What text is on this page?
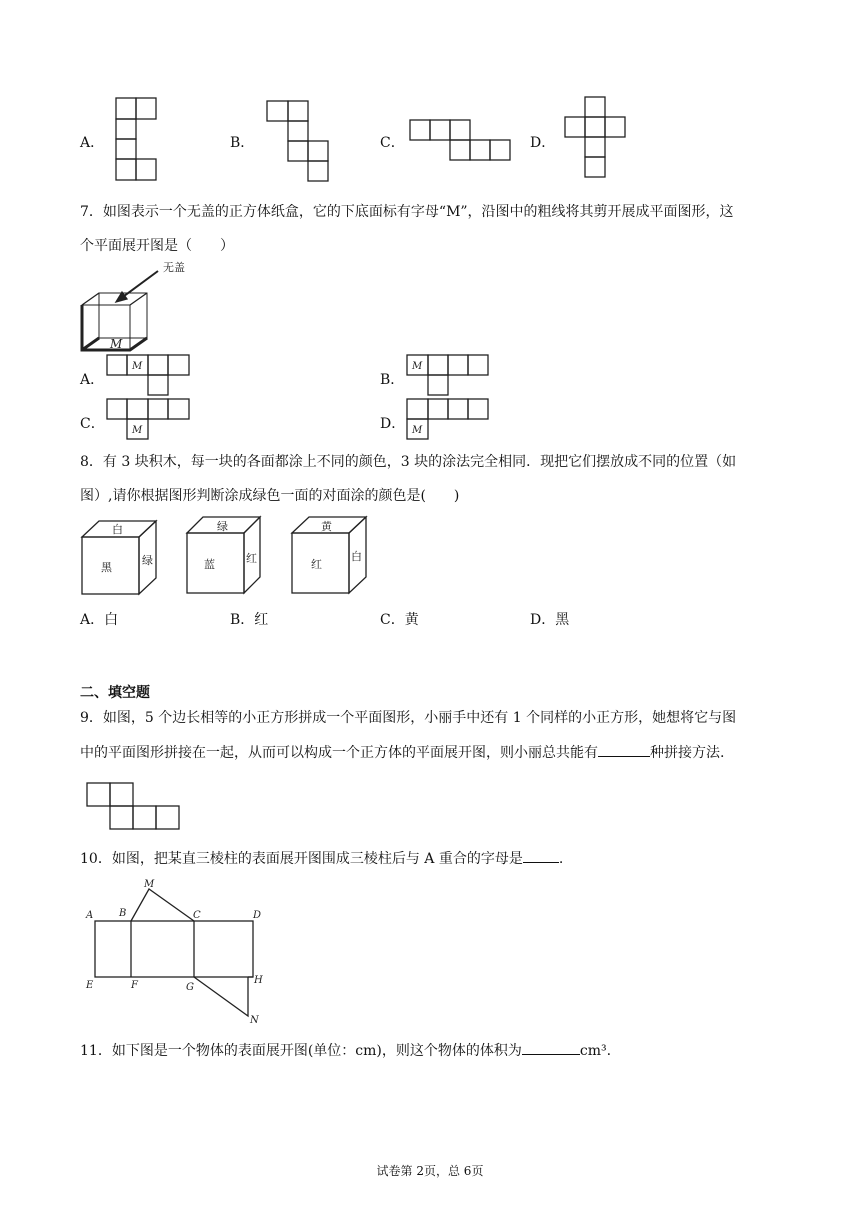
A．	B．	C．	D．
7．如图表示一个无盖的正方体纸盒，它的下底面标有字母“M”，沿图中的粗线将其剪开展成平面图形，这
个平面展开图是（　　）
无盖
M
A．
M
B．
M
C．	M	D． M
8．有 3 块积木，每一块的各面都涂上不同的颜色，3 块的涂法完全相同．现把它们摆放成不同的位置（如
图）,请你根据图形判断涂成绿色一面的对面涂的颜色是(　　)
白
黑
绿
绿
蓝	红
黄
红
白
A．白	B．红	C．黄	D．黑
二、填空题
9．如图，5 个边长相等的小正方形拼成一个平面图形，小丽手中还有 1 个同样的小正方形，她想将它与图
中的平面图形拼接在一起，从而可以构成一个正方体的平面展开图，则小丽总共能有	种拼接方法.
10．如图，把某直三棱柱的表面展开图围成三棱柱后与 A 重合的字母是	.
A	B	C	D
E	F	G
H
M
N
11．如下图是一个物体的表面展开图(单位：cm)，则这个物体的体积为	cm³.
试卷第 2页，总 6页
